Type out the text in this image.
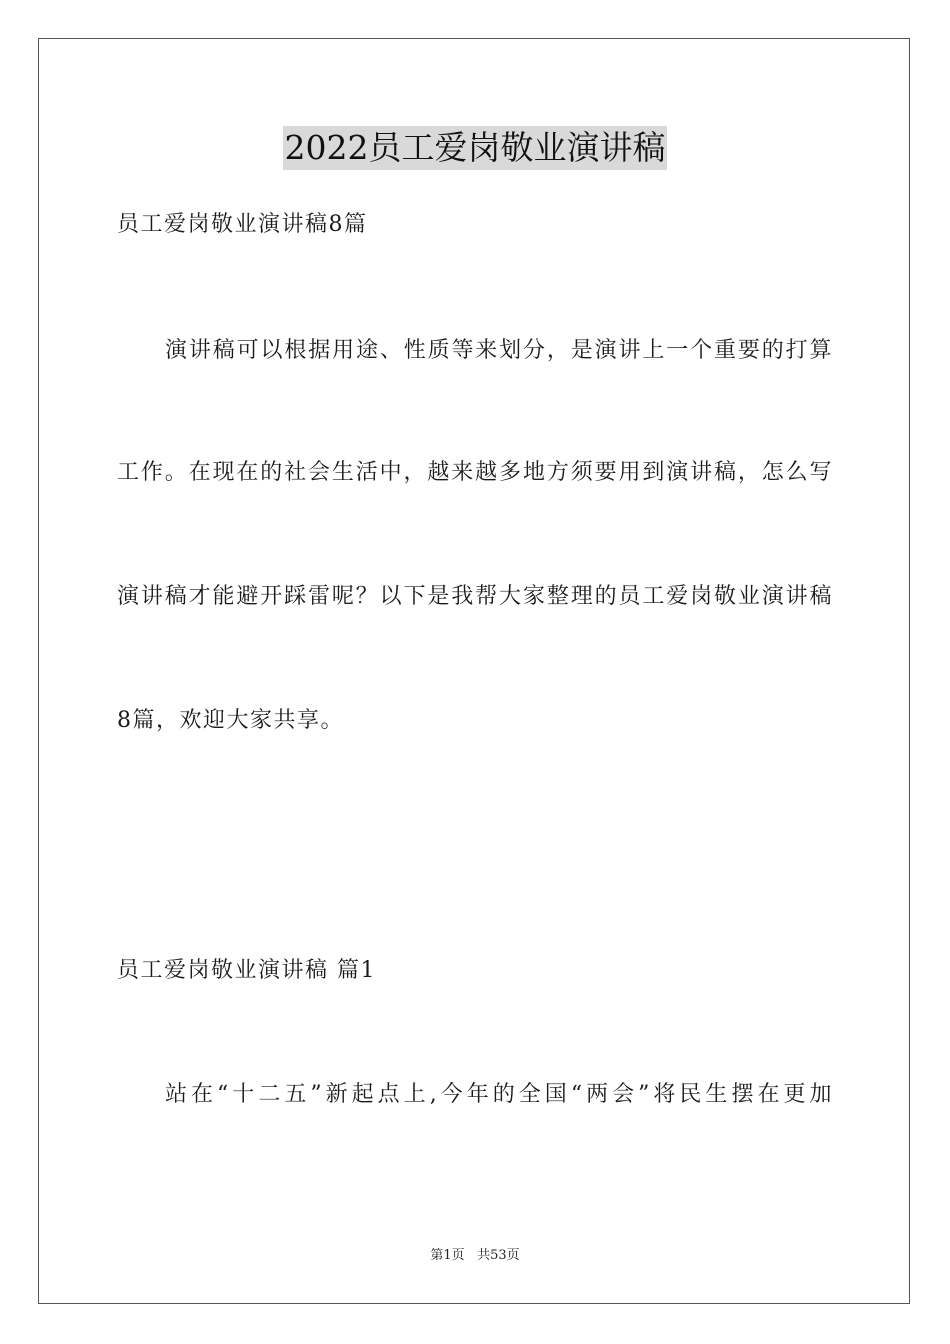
2022员工爱岗敬业演讲稿
员工爱岗敬业演讲稿8篇
演讲稿可以根据用途、性质等来划分，是演讲上一个重要的打算
工作。在现在的社会生活中，越来越多地方须要用到演讲稿，怎么写
演讲稿才能避开踩雷呢？以下是我帮大家整理的员工爱岗敬业演讲稿
8篇，欢迎大家共享。
员工爱岗敬业演讲稿 篇1
站在“十二五”新起点上,今年的全国“两会”将民生摆在更加
第1页 共53页
